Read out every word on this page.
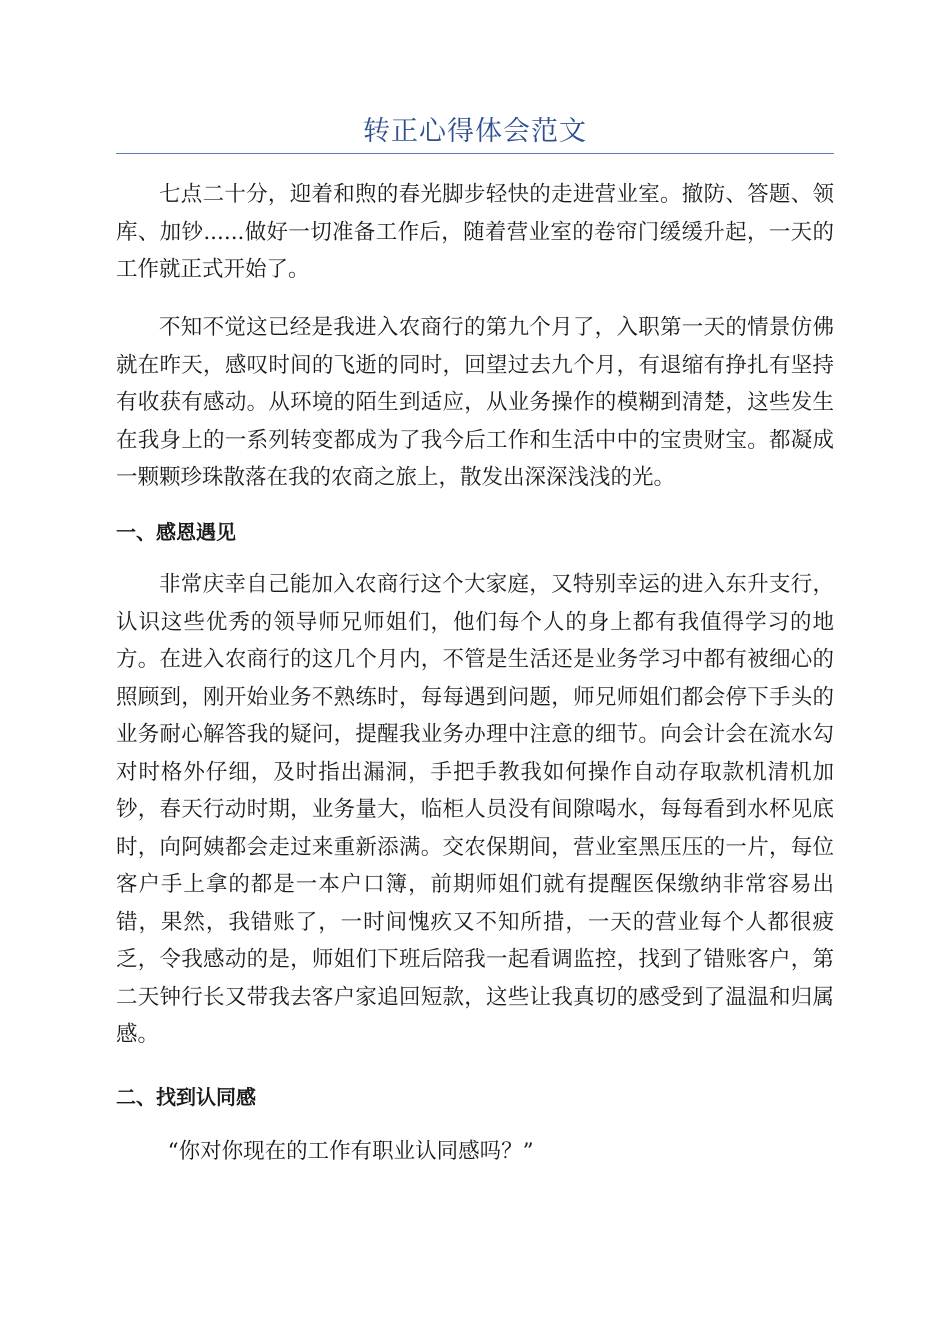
转正心得体会范文

七点二十分，迎着和煦的春光脚步轻快的走进营业室。撤防、答题、领库、加钞......做好一切准备工作后，随着营业室的卷帘门缓缓升起，一天的工作就正式开始了。

不知不觉这已经是我进入农商行的第九个月了，入职第一天的情景仿佛就在昨天，感叹时间的飞逝的同时，回望过去九个月，有退缩有挣扎有坚持有收获有感动。从环境的陌生到适应，从业务操作的模糊到清楚，这些发生在我身上的一系列转变都成为了我今后工作和生活中中的宝贵财宝。都凝成一颗颗珍珠散落在我的农商之旅上，散发出深深浅浅的光。

一、感恩遇见

非常庆幸自己能加入农商行这个大家庭，又特别幸运的进入东升支行，认识这些优秀的领导师兄师姐们，他们每个人的身上都有我值得学习的地方。在进入农商行的这几个月内，不管是生活还是业务学习中都有被细心的照顾到，刚开始业务不熟练时，每每遇到问题，师兄师姐们都会停下手头的业务耐心解答我的疑问，提醒我业务办理中注意的细节。向会计会在流水勾对时格外仔细，及时指出漏洞，手把手教我如何操作自动存取款机清机加钞，春天行动时期，业务量大，临柜人员没有间隙喝水，每每看到水杯见底时，向阿姨都会走过来重新添满。交农保期间，营业室黑压压的一片，每位客户手上拿的都是一本户口簿，前期师姐们就有提醒医保缴纳非常容易出错，果然，我错账了，一时间愧疚又不知所措，一天的营业每个人都很疲乏，令我感动的是，师姐们下班后陪我一起看调监控，找到了错账客户，第二天钟行长又带我去客户家追回短款，这些让我真切的感受到了温温和归属感。

二、找到认同感

“你对你现在的工作有职业认同感吗？”
